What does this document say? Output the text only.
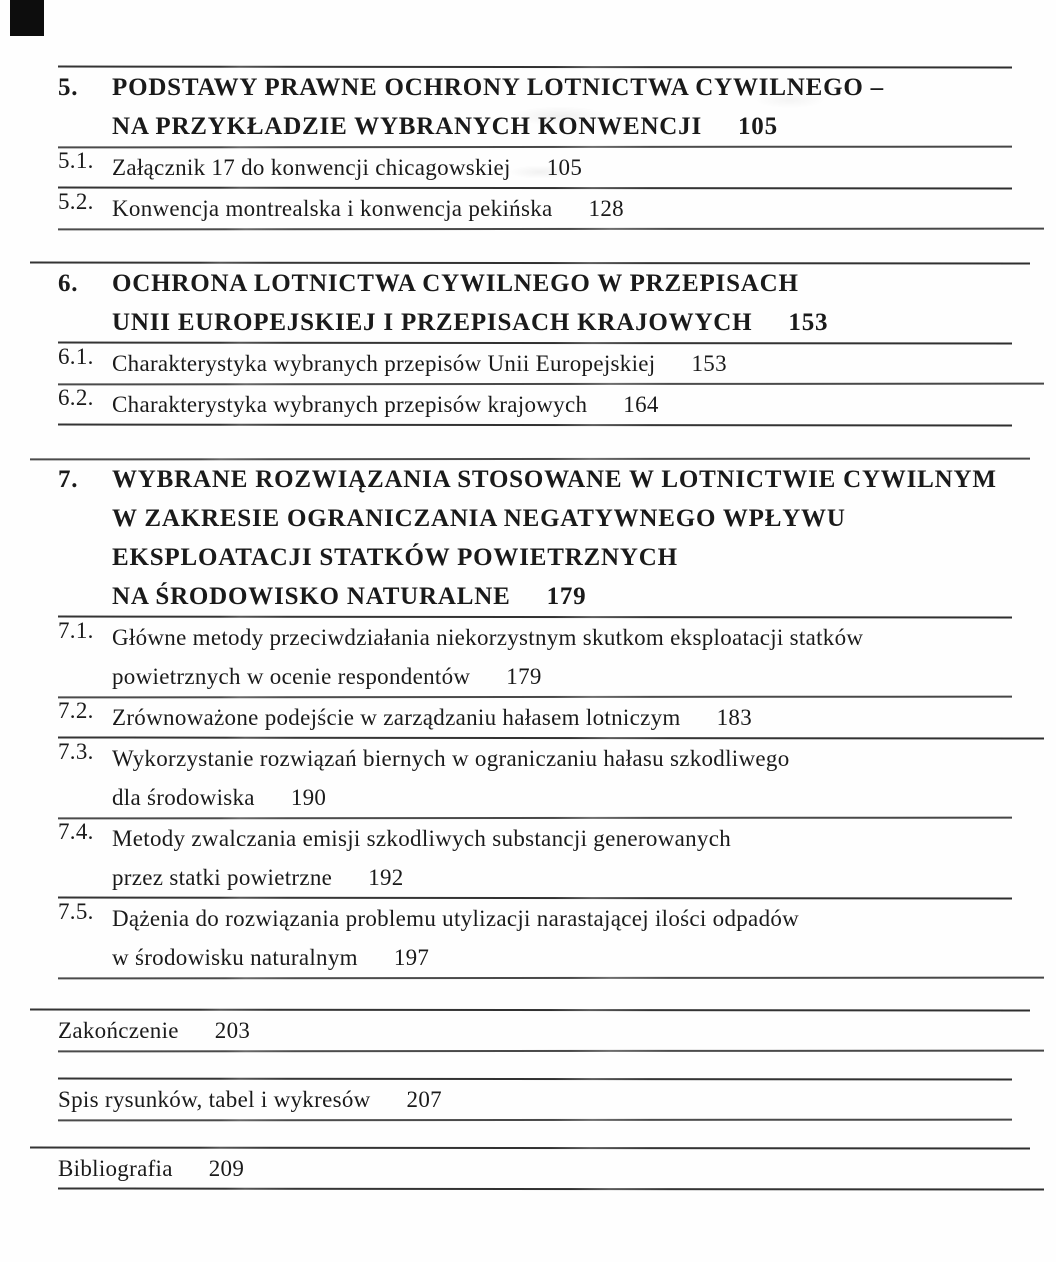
5.	PODSTAWY PRAWNE OCHRONY LOTNICTWA CYWILNEGO –
NA PRZYKŁADZIE WYBRANYCH KONWENCJI 105
5.1. Załącznik 17 do konwencji chicagowskiej 105
5.2. Konwencja montrealska i konwencja pekińska 128
6.	OCHRONA LOTNICTWA CYWILNEGO W PRZEPISACH
UNII EUROPEJSKIEJ I PRZEPISACH KRAJOWYCH 153
6.1. Charakterystyka wybranych przepisów Unii Europejskiej 153
6.2. Charakterystyka wybranych przepisów krajowych 164
7.	WYBRANE ROZWIĄZANIA STOSOWANE W LOTNICTWIE CYWILNYM
W ZAKRESIE OGRANICZANIA NEGATYWNEGO WPŁYWU
EKSPLOATACJI STATKÓW POWIETRZNYCH
NA ŚRODOWISKO NATURALNE 179
7.1. Główne metody przeciwdziałania niekorzystnym skutkom eksploatacji statków
powietrznych w ocenie respondentów 179
7.2. Zrównoważone podejście w zarządzaniu hałasem lotniczym 183
7.3. Wykorzystanie rozwiązań biernych w ograniczaniu hałasu szkodliwego
dla środowiska 190
7.4. Metody zwalczania emisji szkodliwych substancji generowanych
przez statki powietrzne 192
7.5. Dążenia do rozwiązania problemu utylizacji narastającej ilości odpadów
w środowisku naturalnym 197
Zakończenie 203
Spis rysunków, tabel i wykresów 207
Bibliografia 209
